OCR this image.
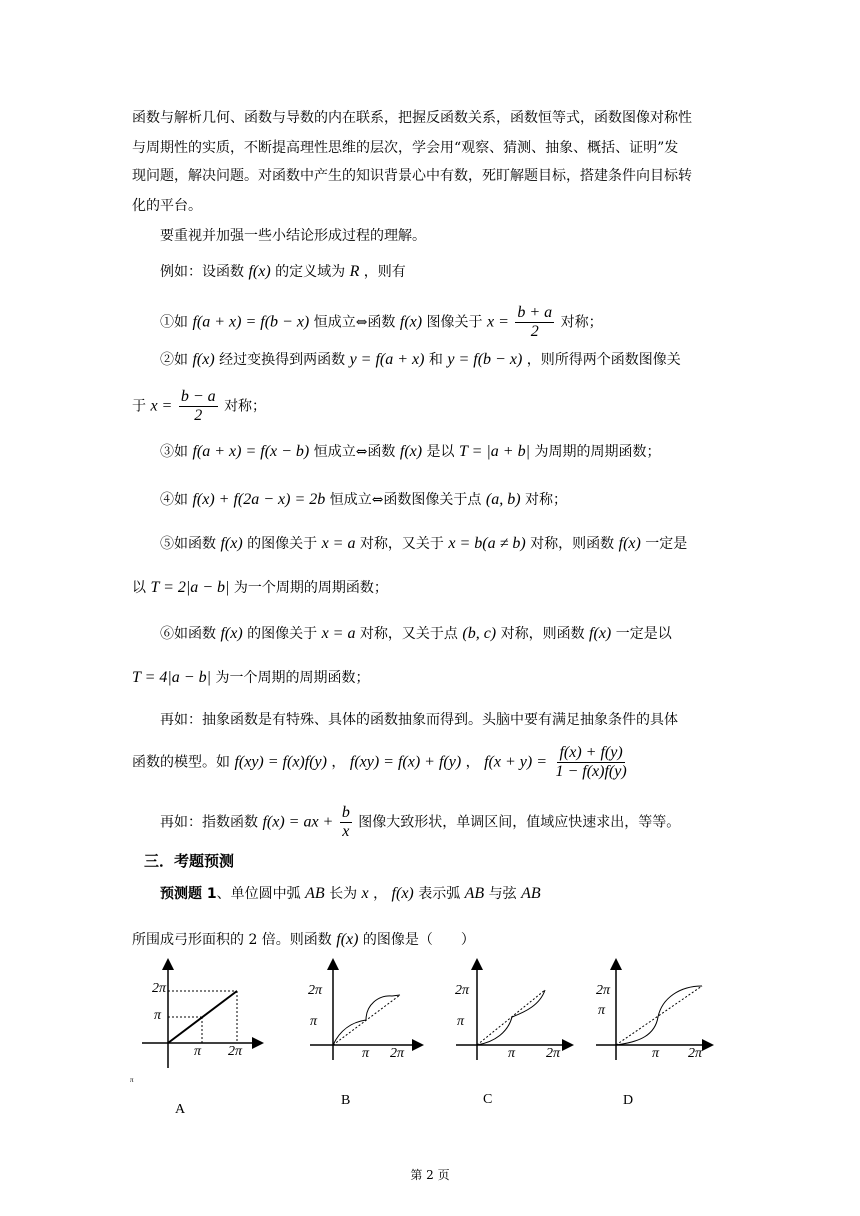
函数与解析几何、函数与导数的内在联系，把握反函数关系，函数恒等式，函数图像对称性
与周期性的实质，不断提高理性思维的层次，学会用“观察、猜测、抽象、概括、证明”发
现问题，解决问题。对函数中产生的知识背景心中有数，死盯解题目标，搭建条件向目标转
化的平台。
要重视并加强一些小结论形成过程的理解。
例如：设函数 f(x) 的定义域为 R ，则有
①如 f(a + x) = f(b − x) 恒成立⇔函数 f(x) 图像关于 $x = \frac{b + a}{2}$ 对称；
②如 f(x) 经过变换得到两函数 y = f(a + x) 和 y = f(b − x) ，则所得两个函数图像关
于 $x = \frac{b - a}{2}$ 对称；
③如 f(a + x) = f(x − b) 恒成立⇔函数 f(x) 是以 T = |a + b| 为周期的周期函数；
④如 f(x) + f(2a − x) = 2b 恒成立⇔函数图像关于点 (a, b) 对称；
⑤如函数 f(x) 的图像关于 x = a 对称，又关于 x = b(a ≠ b) 对称，则函数 f(x) 一定是
以 T = 2|a − b| 为一个周期的周期函数；
⑥如函数 f(x) 的图像关于 x = a 对称，又关于点 (b, c) 对称，则函数 f(x) 一定是以
T = 4|a − b| 为一个周期的周期函数；
再如：抽象函数是有特殊、具体的函数抽象而得到。头脑中要有满足抽象条件的具体
函数的模型。如 f(xy) = f(x)f(y) ， f(xy) = f(x) + f(y) ， $f(x + y) = \frac{f(x) + f(y)}{1 - f(x)f(y)}$
再如：指数函数 f(x) = ax + $\frac{b}{x}$ 图像大致形状，单调区间，值域应快速求出，等等。
三．考题预测
预测题 1、单位圆中弧 AB 长为 x ， f(x) 表示弧 AB 与弦 AB
所围成弓形面积的 2 倍。则函数 f(x) 的图像是（　　）
2π
π
π 2π
2π
π
π 2π
2π
π
π 2π
2π
π
π 2π
π
A
B	C	D
第 2 页
